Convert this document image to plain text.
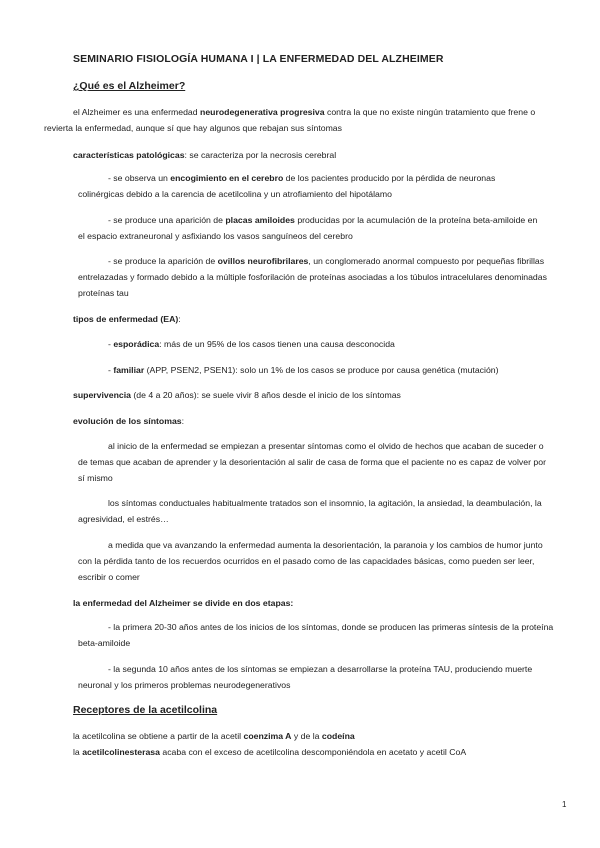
SEMINARIO FISIOLOGÍA HUMANA I | LA ENFERMEDAD DEL ALZHEIMER
¿Qué es el Alzheimer?
el Alzheimer es una enfermedad neurodegenerativa progresiva contra la que no existe ningún tratamiento que frene o revierta la enfermedad, aunque sí que hay algunos que rebajan sus síntomas
características patológicas: se caracteriza por la necrosis cerebral
- se observa un encogimiento en el cerebro de los pacientes producido por la pérdida de neuronas colinérgicas debido a la carencia de acetilcolina y un atrofiamiento del hipotálamo
- se produce una aparición de placas amiloides producidas por la acumulación de la proteína beta-amiloide en el espacio extraneuronal y asfixiando los vasos sanguíneos del cerebro
- se produce la aparición de ovillos neurofibrilares, un conglomerado anormal compuesto por pequeñas fibrillas entrelazadas y formado debido a la múltiple fosforilación de proteínas asociadas a los túbulos intracelulares denominadas proteínas tau
tipos de enfermedad (EA):
- esporádica: más de un 95% de los casos tienen una causa desconocida
- familiar (APP, PSEN2, PSEN1): solo un 1% de los casos se produce por causa genética (mutación)
supervivencia (de 4 a 20 años): se suele vivir 8 años desde el inicio de los síntomas
evolución de los síntomas:
al inicio de la enfermedad se empiezan a presentar síntomas como el olvido de hechos que acaban de suceder o de temas que acaban de aprender y la desorientación al salir de casa de forma que el paciente no es capaz de volver por sí mismo
los síntomas conductuales habitualmente tratados son el insomnio, la agitación, la ansiedad, la deambulación, la agresividad, el estrés…
a medida que va avanzando la enfermedad aumenta la desorientación, la paranoia y los cambios de humor junto con la pérdida tanto de los recuerdos ocurridos en el pasado como de las capacidades básicas, como pueden ser leer, escribir o comer
la enfermedad del Alzheimer se divide en dos etapas:
- la primera 20-30 años antes de los inicios de los síntomas, donde se producen las primeras síntesis de la proteína beta-amiloide
- la segunda 10 años antes de los síntomas se empiezan a desarrollarse la proteína TAU, produciendo muerte neuronal y los primeros problemas neurodegenerativos
Receptores de la acetilcolina
la acetilcolina se obtiene a partir de la acetil coenzima A y de la codeína
la acetilcolinesterasa acaba con el exceso de acetilcolina descomponiéndola en acetato y acetil CoA
1
